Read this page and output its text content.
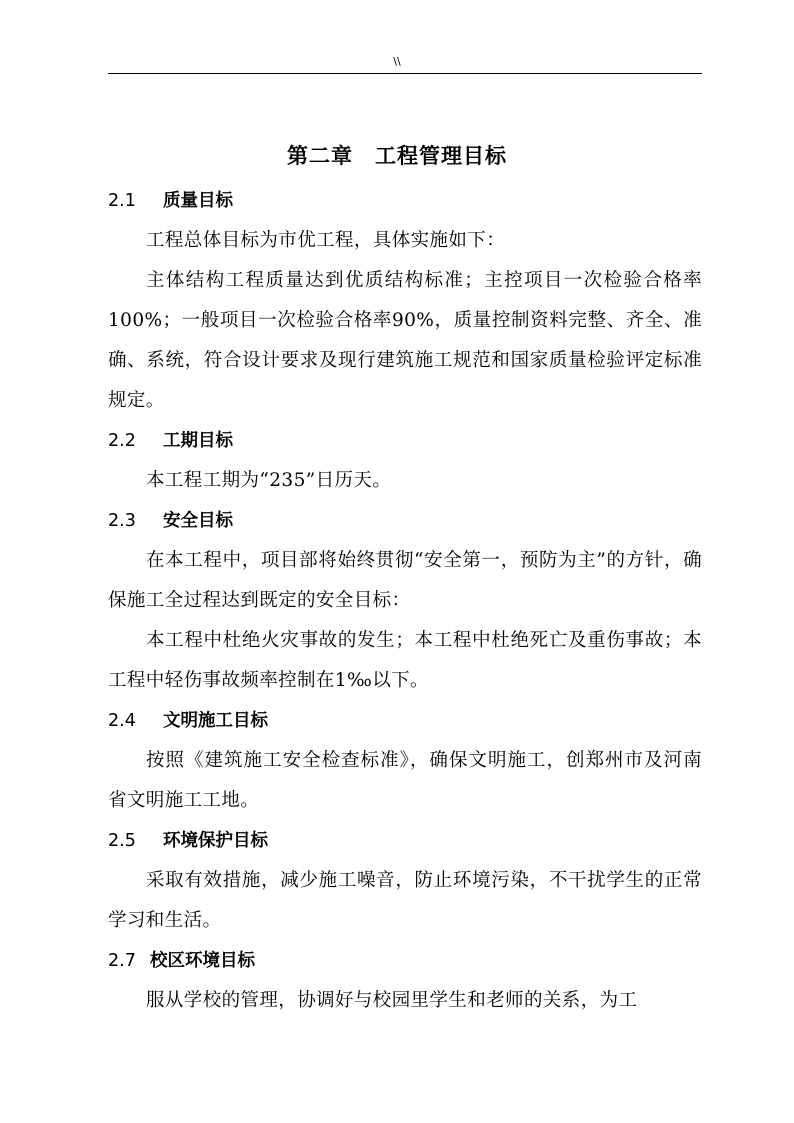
\\
第二章　工程管理目标
2.1 质量目标

工程总体目标为市优工程，具体实施如下：

主体结构工程质量达到优质结构标准；主控项目一次检验合格率100%；一般项目一次检验合格率90%，质量控制资料完整、齐全、准确、系统，符合设计要求及现行建筑施工规范和国家质量检验评定标准规定。

2.2 工期目标

本工程工期为“235”日历天。

2.3 安全目标

在本工程中，项目部将始终贯彻“安全第一，预防为主”的方针，确保施工全过程达到既定的安全目标：

本工程中杜绝火灾事故的发生；本工程中杜绝死亡及重伤事故；本工程中轻伤事故频率控制在1‰以下。

2.4 文明施工目标

按照《建筑施工安全检查标准》，确保文明施工，创郑州市及河南省文明施工工地。

2.5 环境保护目标

采取有效措施，减少施工噪音，防止环境污染，不干扰学生的正常学习和生活。

2.7 校区环境目标

服从学校的管理，协调好与校园里学生和老师的关系，为工
